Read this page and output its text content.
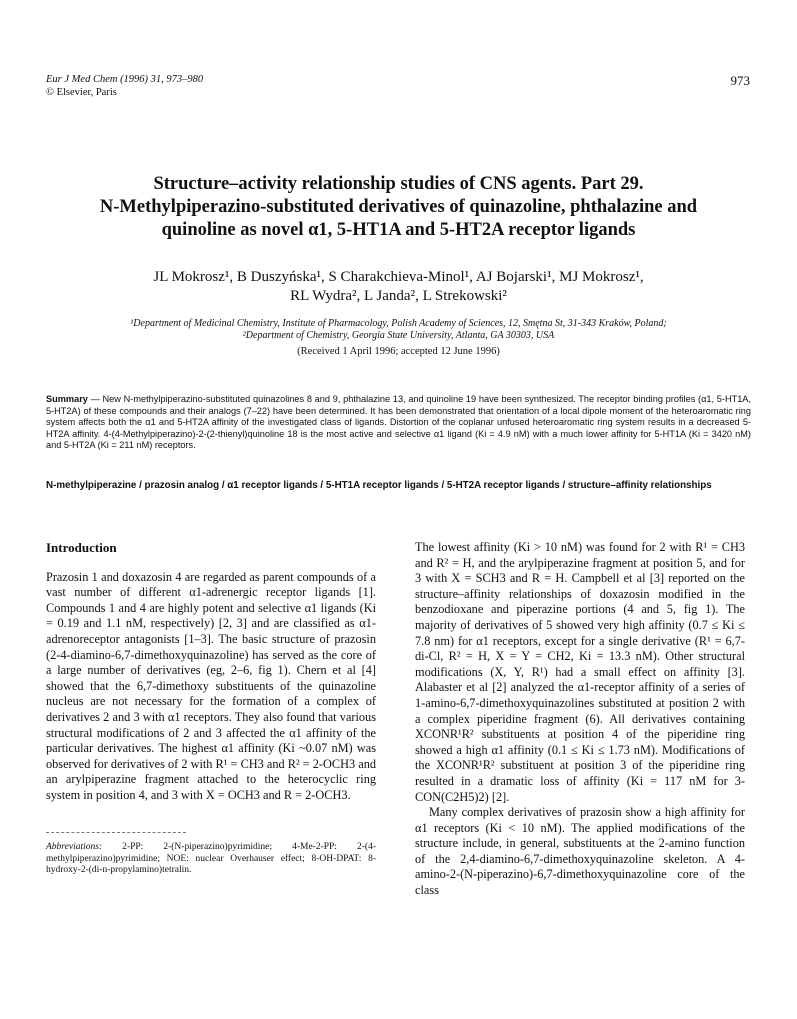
Eur J Med Chem (1996) 31, 973–980
© Elsevier, Paris
973
Structure–activity relationship studies of CNS agents. Part 29.
N-Methylpiperazino-substituted derivatives of quinazoline, phthalazine and
quinoline as novel α1, 5-HT1A and 5-HT2A receptor ligands
JL Mokrosz¹, B Duszyńska¹, S Charakchieva-Minol¹, AJ Bojarski¹, MJ Mokrosz¹,
RL Wydra², L Janda², L Strekowski²
¹Department of Medicinal Chemistry, Institute of Pharmacology, Polish Academy of Sciences, 12, Smętna St, 31-343 Kraków, Poland;
²Department of Chemistry, Georgia State University, Atlanta, GA 30303, USA
(Received 1 April 1996; accepted 12 June 1996)
Summary — New N-methylpiperazino-substituted quinazolines 8 and 9, phthalazine 13, and quinoline 19 have been synthesized. The receptor binding profiles (α1, 5-HT1A, 5-HT2A) of these compounds and their analogs (7–22) have been determined. It has been demonstrated that orientation of a local dipole moment of the heteroaromatic ring system affects both the α1 and 5-HT2A affinity of the investigated class of ligands. Distortion of the coplanar unfused heteroaromatic ring system results in a decreased 5-HT2A affinity. 4-(4-Methylpiperazino)-2-(2-thienyl)quinoline 18 is the most active and selective α1 ligand (Ki = 4.9 nM) with a much lower affinity for 5-HT1A (Ki = 3420 nM) and 5-HT2A (Ki = 211 nM) receptors.
N-methylpiperazine / prazosin analog / α1 receptor ligands / 5-HT1A receptor ligands / 5-HT2A receptor ligands / structure–affinity relationships
Introduction

Prazosin 1 and doxazosin 4 are regarded as parent compounds of a vast number of different α1-adrenergic receptor ligands [1]. Compounds 1 and 4 are highly potent and selective α1 ligands (Ki = 0.19 and 1.1 nM, respectively) [2, 3] and are classified as α1-adrenoreceptor antagonists [1–3]. The basic structure of prazosin (2-4-diamino-6,7-dimethoxyquinazoline) has served as the core of a large number of derivatives (eg, 2–6, fig 1). Chern et al [4] showed that the 6,7-dimethoxy substituents of the quinazoline nucleus are not necessary for the formation of a complex of derivatives 2 and 3 with α1 receptors. They also found that various structural modifications of 2 and 3 affected the α1 affinity of the particular derivatives. The highest α1 affinity (Ki ~0.07 nM) was observed for derivatives of 2 with R¹ = CH3 and R² = 2-OCH3 and an arylpiperazine fragment attached to the heterocyclic ring system in position 4, and 3 with X = OCH3 and R = 2-OCH3.

Abbreviations: 2-PP: 2-(N-piperazino)pyrimidine; 4-Me-2-PP: 2-(4-methylpiperazino)pyrimidine; NOE: nuclear Overhauser effect; 8-OH-DPAT: 8-hydroxy-2-(di-n-propylamino)tetralin.

The lowest affinity (Ki > 10 nM) was found for 2 with R¹ = CH3 and R² = H, and the arylpiperazine fragment at position 5, and for 3 with X = SCH3 and R = H. Campbell et al [3] reported on the structure–affinity relationships of doxazosin modified in the benzodioxane and piperazine portions (4 and 5, fig 1). The majority of derivatives of 5 showed very high affinity (0.7 ≤ Ki ≤ 7.8 nm) for α1 receptors, except for a single derivative (R¹ = 6,7-di-Cl, R² = H, X = Y = CH2, Ki = 13.3 nM). Other structural modifications (X, Y, R¹) had a small effect on affinity [3]. Alabaster et al [2] analyzed the α1-receptor affinity of a series of 1-amino-6,7-dimethoxyquinazolines substituted at position 2 with a complex piperidine fragment (6). All derivatives containing XCONR¹R² substituents at position 4 of the piperidine ring showed a high α1 affinity (0.1 ≤ Ki ≤ 1.73 nM). Modifications of the XCONR¹R² substituent at position 3 of the piperidine ring resulted in a dramatic loss of affinity (Ki = 117 nM for 3-CON(C2H5)2) [2].

Many complex derivatives of prazosin show a high affinity for α1 receptors (Ki < 10 nM). The applied modifications of the structure include, in general, substituents at the 2-amino function of the 2,4-diamino-6,7-dimethoxyquinazoline skeleton. A 4-amino-2-(N-piperazino)-6,7-dimethoxyquinazoline core of the class
